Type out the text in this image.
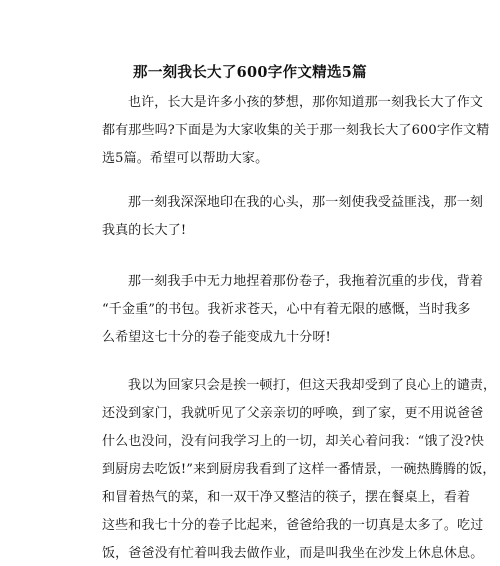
那一刻我长大了600字作文精选5篇
也许，长大是许多小孩的梦想，那你知道那一刻我长大了作文
都有那些吗?下面是为大家收集的关于那一刻我长大了600字作文精
选5篇。希望可以帮助大家。
那一刻我深深地印在我的心头，那一刻使我受益匪浅，那一刻
我真的长大了!
那一刻我手中无力地捏着那份卷子，我拖着沉重的步伐，背着
“千金重”的书包。我祈求苍天，心中有着无限的感慨，当时我多
么希望这七十分的卷子能变成九十分呀!
我以为回家只会是挨一顿打，但这天我却受到了良心上的谴责，
还没到家门，我就听见了父亲亲切的呼唤，到了家，更不用说爸爸
什么也没问，没有问我学习上的一切，却关心着问我：“饿了没?快
到厨房去吃饭!”来到厨房我看到了这样一番情景，一碗热腾腾的饭，
和冒着热气的菜，和一双干净又整洁的筷子，摆在餐桌上，看着
这些和我七十分的卷子比起来，爸爸给我的一切真是太多了。吃过
饭，爸爸没有忙着叫我去做作业，而是叫我坐在沙发上休息休息。
